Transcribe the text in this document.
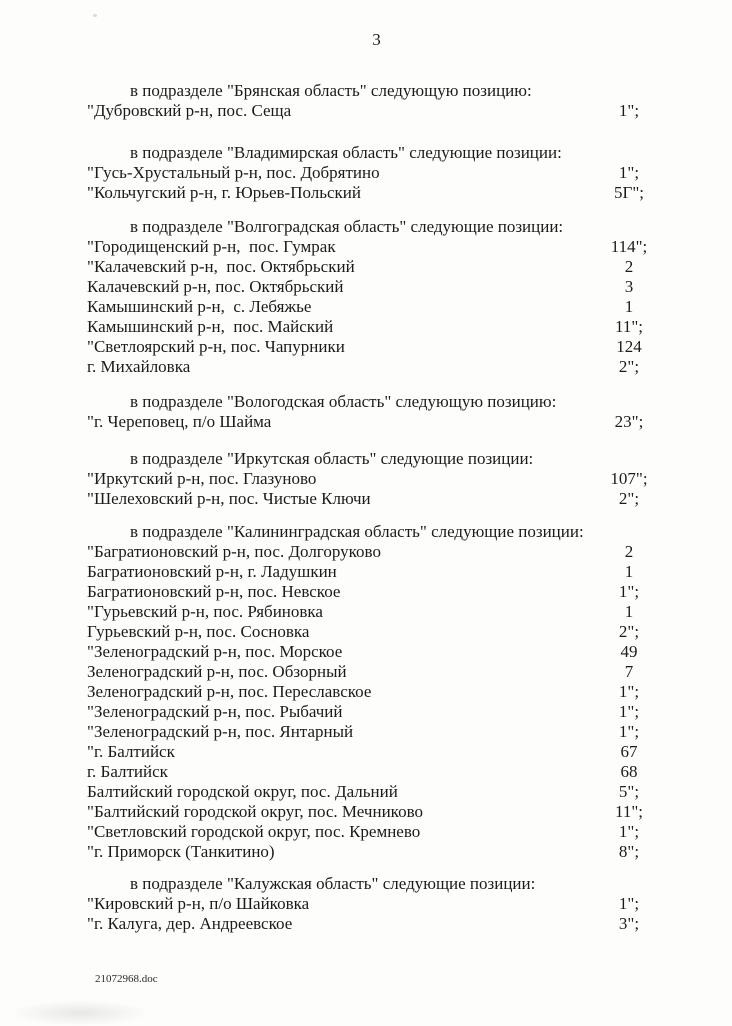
3
в подразделе "Брянская область" следующую позицию:
"Дубровский р-н, пос. Сеща	1";
в подразделе "Владимирская область" следующие позиции:
"Гусь-Хрустальный р-н, пос. Добрятино	1";
"Кольчугский р-н, г. Юрьев-Польский	5Г";
в подразделе "Волгоградская область" следующие позиции:
"Городищенский р-н,  пос. Гумрак	114";
"Калачевский р-н,  пос. Октябрьский	2
Калачевский р-н, пос. Октябрьский	3
Камышинский р-н,  с. Лебяжье	1
Камышинский р-н,  пос. Майский	11";
"Светлоярский р-н, пос. Чапурники	124
г. Михайловка	2";
в подразделе "Вологодская область" следующую позицию:
"г. Череповец, п/о Шайма	23";
в подразделе "Иркутская область" следующие позиции:
"Иркутский р-н, пос. Глазуново	107";
"Шелеховский р-н, пос. Чистые Ключи	2";
в подразделе "Калининградская область" следующие позиции:
"Багратионовский р-н, пос. Долгоруково	2
Багратионовский р-н, г. Ладушкин	1
Багратионовский р-н, пос. Невское	1";
"Гурьевский р-н, пос. Рябиновка	1
Гурьевский р-н, пос. Сосновка	2";
"Зеленоградский р-н, пос. Морское	49
Зеленоградский р-н, пос. Обзорный	7
Зеленоградский р-н, пос. Переславское	1";
"Зеленоградский р-н, пос. Рыбачий	1";
"Зеленоградский р-н, пос. Янтарный	1";
"г. Балтийск	67
г. Балтийск	68
Балтийский городской округ, пос. Дальний	5";
"Балтийский городской округ, пос. Мечниково	11";
"Светловский городской округ, пос. Кремнево	1";
"г. Приморск (Танкитино)	8";
в подразделе "Калужская область" следующие позиции:
"Кировский р-н, п/о Шайковка	1";
"г. Калуга, дер. Андреевское	3";
21072968.doc
